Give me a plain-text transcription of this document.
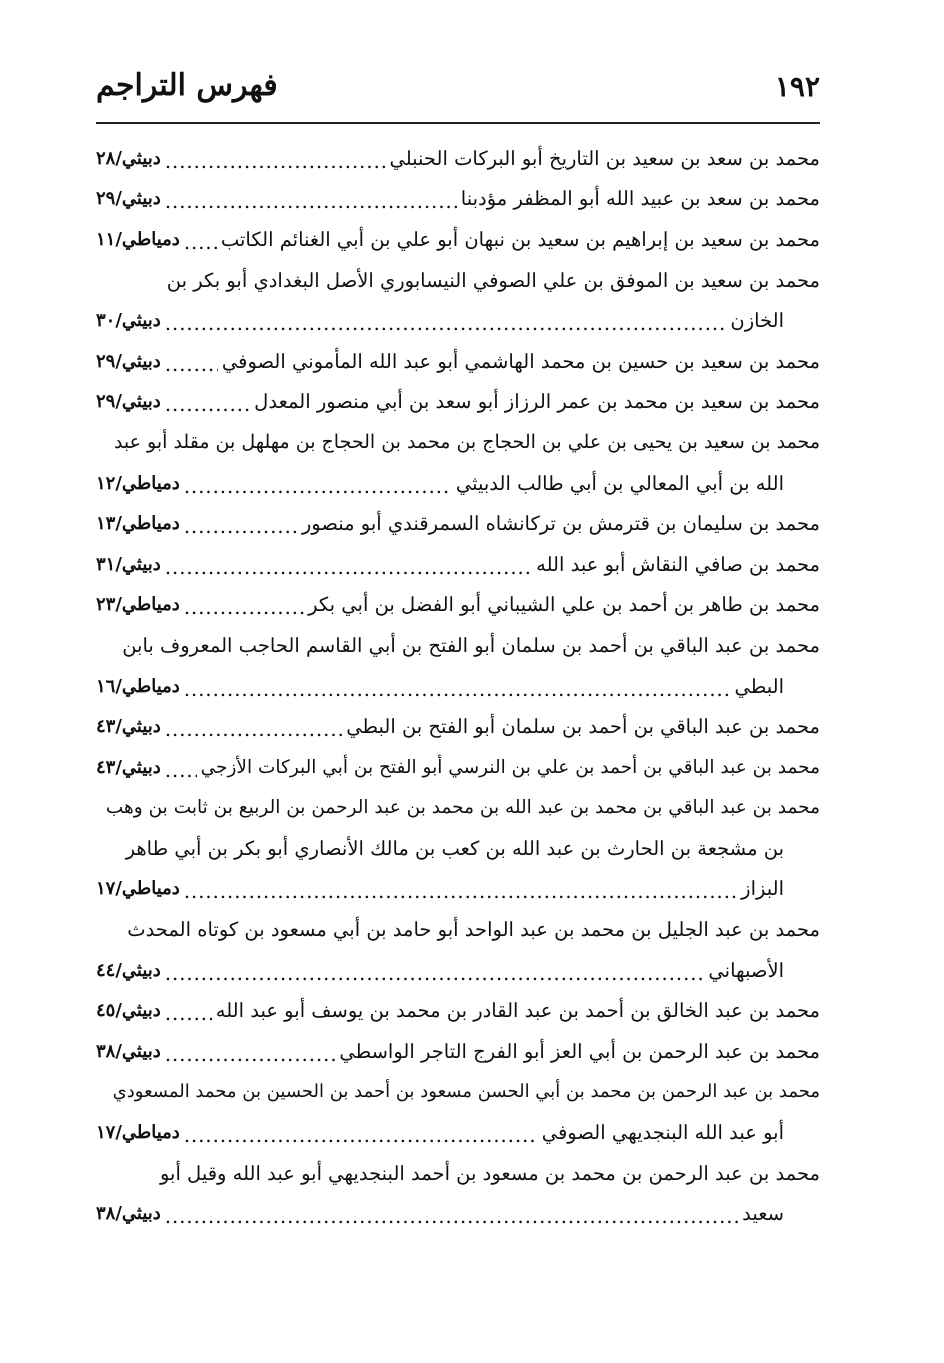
١٩٢
فهرس التراجم
محمد بن سعد بن سعيد بن التاريخ أبو البركات الحنبلي
.....
دبيثي/٢٨
محمد بن سعد بن عبيد الله أبو المظفر مؤدبنا
.....
دبيثي/٢٩
محمد بن سعيد بن إبراهيم بن سعيد بن نبهان أبو علي بن أبي الغنائم الكاتب
.....
دمياطي/١١
محمد بن سعيد بن الموفق بن علي الصوفي النيسابوري الأصل البغدادي أبو بكر بن
الخازن
.....
دبيثي/٣٠
محمد بن سعيد بن حسين بن محمد الهاشمي أبو عبد الله المأموني الصوفي
.....
دبيثي/٢٩
محمد بن سعيد بن محمد بن عمر الرزاز أبو سعد بن أبي منصور المعدل
.....
دبيثي/٢٩
محمد بن سعيد بن يحيى بن علي بن الحجاج بن محمد بن الحجاج بن مهلهل بن مقلد أبو عبد
الله بن أبي المعالي بن أبي طالب الدبيثي
.....
دمياطي/١٢
محمد بن سليمان بن قترمش بن تركانشاه السمرقندي أبو منصور
.....
دمياطي/١٣
محمد بن صافي النقاش أبو عبد الله
.....
دبيثي/٣١
محمد بن طاهر بن أحمد بن علي الشيباني أبو الفضل بن أبي بكر
.....
دمياطي/٢٣
محمد بن عبد الباقي بن أحمد بن سلمان أبو الفتح بن أبي القاسم الحاجب المعروف بابن
البطي
.....
دمياطي/١٦
محمد بن عبد الباقي بن أحمد بن سلمان أبو الفتح بن البطي
.....
دبيثي/٤٣
محمد بن عبد الباقي بن أحمد بن علي بن النرسي أبو الفتح بن أبي البركات الأزجي
.....
دبيثي/٤٣
محمد بن عبد الباقي بن محمد بن عبد الله بن محمد بن عبد الرحمن بن الربيع بن ثابت بن وهب
بن مشجعة بن الحارث بن عبد الله بن كعب بن مالك الأنصاري أبو بكر بن أبي طاهر
البزاز
.....
دمياطي/١٧
محمد بن عبد الجليل بن محمد بن عبد الواحد أبو حامد بن أبي مسعود بن كوتاه المحدث
الأصبهاني
.....
دبيثي/٤٤
محمد بن عبد الخالق بن أحمد بن عبد القادر بن محمد بن يوسف أبو عبد الله
.....
دبيثي/٤٥
محمد بن عبد الرحمن بن أبي العز أبو الفرج التاجر الواسطي
.....
دبيثي/٣٨
محمد بن عبد الرحمن بن محمد بن أبي الحسن مسعود بن أحمد بن الحسين بن محمد المسعودي
أبو عبد الله البنجديهي الصوفي
.....
دمياطي/١٧
محمد بن عبد الرحمن بن محمد بن مسعود بن أحمد البنجديهي أبو عبد الله وقيل أبو
سعيد
.....
دبيثي/٣٨
